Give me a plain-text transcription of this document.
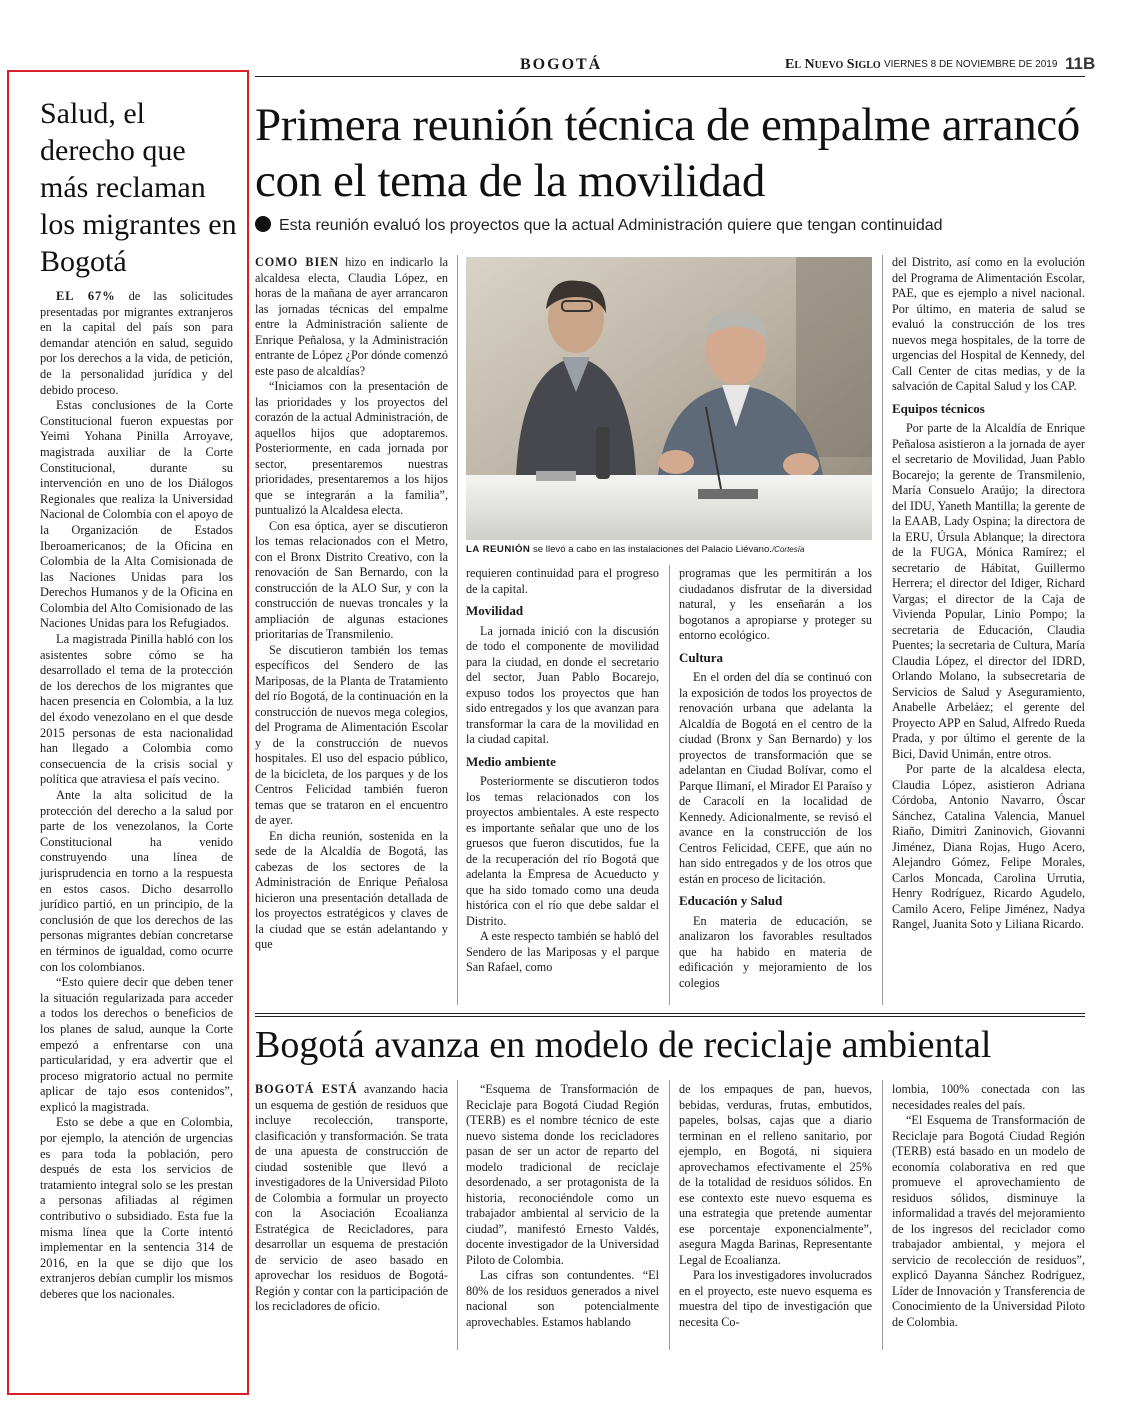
BOGOTÁ	El Nuevo Siglo VIERNES 8 DE NOVIEMBRE DE 2019 11B
Salud, el derecho que más reclaman los migrantes en Bogotá

EL 67% de las solicitudes presentadas por migrantes extranjeros en la capital del país son para demandar atención en salud, seguido por los derechos a la vida, de petición, de la personalidad jurídica y del debido proceso.

Estas conclusiones de la Corte Constitucional fueron expuestas por Yeimi Yohana Pinilla Arroyave, magistrada auxiliar de la Corte Constitucional, durante su intervención en uno de los Diálogos Regionales que realiza la Universidad Nacional de Colombia con el apoyo de la Organización de Estados Iberoamericanos; de la Oficina en Colombia de la Alta Comisionada de las Naciones Unidas para los Derechos Humanos y de la Oficina en Colombia del Alto Comisionado de las Naciones Unidas para los Refugiados.

La magistrada Pinilla habló con los asistentes sobre cómo se ha desarrollado el tema de la protección de los derechos de los migrantes que hacen presencia en Colombia, a la luz del éxodo venezolano en el que desde 2015 personas de esta nacionalidad han llegado a Colombia como consecuencia de la crisis social y política que atraviesa el país vecino.

Ante la alta solicitud de la protección del derecho a la salud por parte de los venezolanos, la Corte Constitucional ha venido construyendo una línea de jurisprudencia en torno a la respuesta en estos casos. Dicho desarrollo jurídico partió, en un principio, de la conclusión de que los derechos de las personas migrantes debían concretarse en términos de igualdad, como ocurre con los colombianos.

“Esto quiere decir que deben tener la situación regularizada para acceder a todos los derechos o beneficios de los planes de salud, aunque la Corte empezó a enfrentarse con una particularidad, y era advertir que el proceso migratorio actual no permite aplicar de tajo esos contenidos”, explicó la magistrada.

Esto se debe a que en Colombia, por ejemplo, la atención de urgencias es para toda la población, pero después de esta los servicios de tratamiento integral solo se les prestan a personas afiliadas al régimen contributivo o subsidiado. Esta fue la misma línea que la Corte intentó implementar en la sentencia 314 de 2016, en la que se dijo que los extranjeros debían cumplir los mismos deberes que los nacionales.

Primera reunión técnica de empalme arrancó con el tema de la movilidad
Esta reunión evaluó los proyectos que la actual Administración quiere que tengan continuidad

COMO BIEN hizo en indicarlo la alcaldesa electa, Claudia López, en horas de la mañana de ayer arrancaron las jornadas técnicas del empalme entre la Administración saliente de Enrique Peñalosa, y la Administración entrante de López ¿Por dónde comenzó este paso de alcaldías?

“Iniciamos con la presentación de las prioridades y los proyectos del corazón de la actual Administración, de aquellos hijos que adoptaremos. Posteriormente, en cada jornada por sector, presentaremos nuestras prioridades, presentaremos a los hijos que se integrarán a la familia”, puntualizó la Alcaldesa electa.

Con esa óptica, ayer se discutieron los temas relacionados con el Metro, con el Bronx Distrito Creativo, con la renovación de San Bernardo, con la construcción de la ALO Sur, y con la construcción de nuevas troncales y la ampliación de algunas estaciones prioritarias de Transmilenio.

Se discutieron también los temas específicos del Sendero de las Mariposas, de la Planta de Tratamiento del río Bogotá, de la continuación en la construcción de nuevos mega colegios, del Programa de Alimentación Escolar y de la construcción de nuevos hospitales. El uso del espacio público, de la bicicleta, de los parques y de los Centros Felicidad también fueron temas que se trataron en el encuentro de ayer.

En dicha reunión, sostenida en la sede de la Alcaldía de Bogotá, las cabezas de los sectores de la Administración de Enrique Peñalosa hicieron una presentación detallada de los proyectos estratégicos y claves de la ciudad que se están adelantando y que

LA REUNIÓN se llevó a cabo en las instalaciones del Palacio Liévano./Cortesía

requieren continuidad para el progreso de la capital.

Movilidad

La jornada inició con la discusión de todo el componente de movilidad para la ciudad, en donde el secretario del sector, Juan Pablo Bocarejo, expuso todos los proyectos que han sido entregados y los que avanzan para transformar la cara de la movilidad en la ciudad capital.

Medio ambiente

Posteriormente se discutieron todos los temas relacionados con los proyectos ambientales. A este respecto es importante señalar que uno de los gruesos que fueron discutidos, fue la de la recuperación del río Bogotá que adelanta la Empresa de Acueducto y que ha sido tomado como una deuda histórica con el río que debe saldar el Distrito.

A este respecto también se habló del Sendero de las Mariposas y el parque San Rafael, como

programas que les permitirán a los ciudadanos disfrutar de la diversidad natural, y les enseñarán a los bogotanos a apropiarse y proteger su entorno ecológico.

Cultura

En el orden del día se continuó con la exposición de todos los proyectos de renovación urbana que adelanta la Alcaldía de Bogotá en el centro de la ciudad (Bronx y San Bernardo) y los proyectos de transformación que se adelantan en Ciudad Bolívar, como el Parque Ilimaní, el Mirador El Paraíso y de Caracolí en la localidad de Kennedy. Adicionalmente, se revisó el avance en la construcción de los Centros Felicidad, CEFE, que aún no han sido entregados y de los otros que están en proceso de licitación.

Educación y Salud

En materia de educación, se analizaron los favorables resultados que ha habido en materia de edificación y mejoramiento de los colegios

del Distrito, así como en la evolución del Programa de Alimentación Escolar, PAE, que es ejemplo a nivel nacional. Por último, en materia de salud se evaluó la construcción de los tres nuevos mega hospitales, de la torre de urgencias del Hospital de Kennedy, del Call Center de citas medias, y de la salvación de Capital Salud y los CAP.

Equipos técnicos

Por parte de la Alcaldía de Enrique Peñalosa asistieron a la jornada de ayer el secretario de Movilidad, Juan Pablo Bocarejo; la gerente de Transmilenio, María Consuelo Araújo; la directora del IDU, Yaneth Mantilla; la gerente de la EAAB, Lady Ospina; la directora de la ERU, Úrsula Ablanque; la directora de la FUGA, Mónica Ramírez; el secretario de Hábitat, Guillermo Herrera; el director del Idiger, Richard Vargas; el director de la Caja de Vivienda Popular, Linio Pompo; la secretaria de Educación, Claudia Puentes; la secretaria de Cultura, María Claudia López, el director del IDRD, Orlando Molano, la subsecretaria de Servicios de Salud y Aseguramiento, Anabelle Arbeláez; el gerente del Proyecto APP en Salud, Alfredo Rueda Prada, y por último el gerente de la Bici, David Unimán, entre otros.

Por parte de la alcaldesa electa, Claudia López, asistieron Adriana Córdoba, Antonio Navarro, Óscar Sánchez, Catalina Valencia, Manuel Riaño, Dimitri Zaninovich, Giovanni Jiménez, Diana Rojas, Hugo Acero, Alejandro Gómez, Felipe Morales, Carlos Moncada, Carolina Urrutia, Henry Rodríguez, Ricardo Agudelo, Camilo Acero, Felipe Jiménez, Nadya Rangel, Juanita Soto y Liliana Ricardo.

Bogotá avanza en modelo de reciclaje ambiental

BOGOTÁ ESTÁ avanzando hacia un esquema de gestión de residuos que incluye recolección, transporte, clasificación y transformación. Se trata de una apuesta de construcción de ciudad sostenible que llevó a investigadores de la Universidad Piloto de Colombia a formular un proyecto con la Asociación Ecoalianza Estratégica de Recicladores, para desarrollar un esquema de prestación de servicio de aseo basado en aprovechar los residuos de Bogotá-Región y contar con la participación de los recicladores de oficio.

“Esquema de Transformación de Reciclaje para Bogotá Ciudad Región (TERB) es el nombre técnico de este nuevo sistema donde los recicladores pasan de ser un actor de reparto del modelo tradicional de reciclaje desordenado, a ser protagonista de la historia, reconociéndole como un trabajador ambiental al servicio de la ciudad”, manifestó Ernesto Valdés, docente investigador de la Universidad Piloto de Colombia.

Las cifras son contundentes. “El 80% de los residuos generados a nivel nacional son potencialmente aprovechables. Estamos hablando

de los empaques de pan, huevos, bebidas, verduras, frutas, embutidos, papeles, bolsas, cajas que a diario terminan en el relleno sanitario, por ejemplo, en Bogotá, ni siquiera aprovechamos efectivamente el 25% de la totalidad de residuos sólidos. En ese contexto este nuevo esquema es una estrategia que pretende aumentar ese porcentaje exponencialmente”, asegura Magda Barinas, Representante Legal de Ecoalianza.

Para los investigadores involucrados en el proyecto, este nuevo esquema es muestra del tipo de investigación que necesita Co-

lombia, 100% conectada con las necesidades reales del país.

“El Esquema de Transformación de Reciclaje para Bogotá Ciudad Región (TERB) está basado en un modelo de economía colaborativa en red que promueve el aprovechamiento de residuos sólidos, disminuye la informalidad a través del mejoramiento de los ingresos del reciclador como trabajador ambiental, y mejora el servicio de recolección de residuos”, explicó Dayanna Sánchez Rodríguez, Líder de Innovación y Transferencia de Conocimiento de la Universidad Piloto de Colombia.
